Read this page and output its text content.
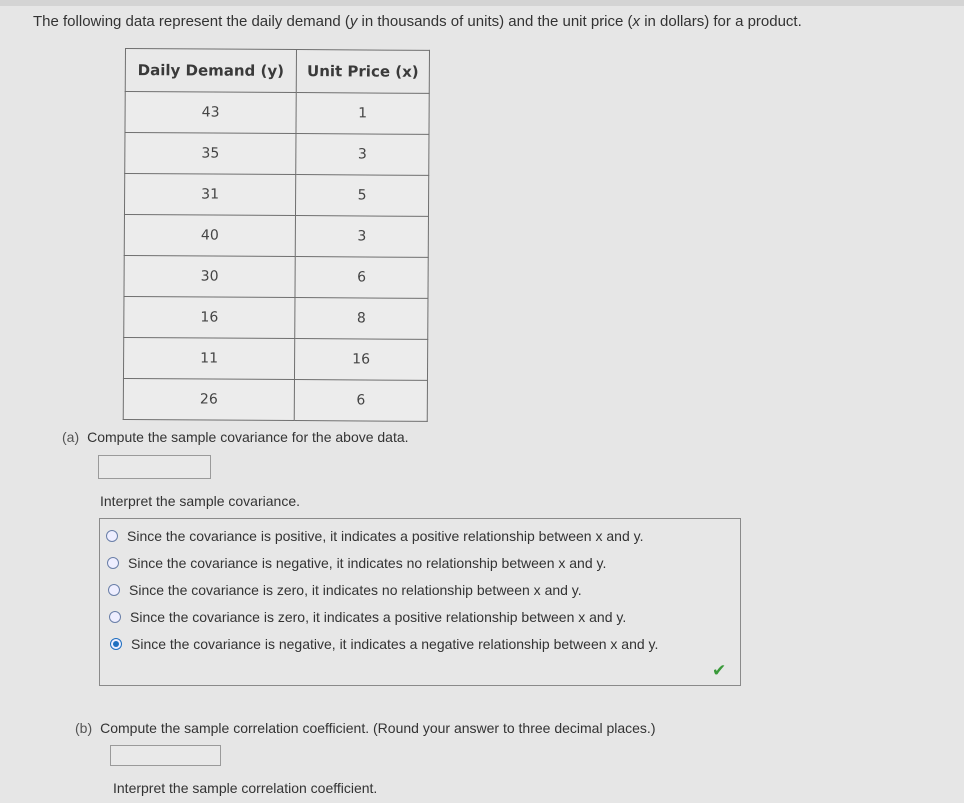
The following data represent the daily demand (y in thousands of units) and the unit price (x in dollars) for a product.
Daily Demand (y)	Unit Price (x)
43	1
35	3
31	5
40	3
30	6
16	8
11	16
26	6
(a) Compute the sample covariance for the above data.
Interpret the sample covariance.
Since the covariance is positive, it indicates a positive relationship between x and y.
Since the covariance is negative, it indicates no relationship between x and y.
Since the covariance is zero, it indicates no relationship between x and y.
Since the covariance is zero, it indicates a positive relationship between x and y.
Since the covariance is negative, it indicates a negative relationship between x and y.
✔
(b) Compute the sample correlation coefficient. (Round your answer to three decimal places.)
Interpret the sample correlation coefficient.
